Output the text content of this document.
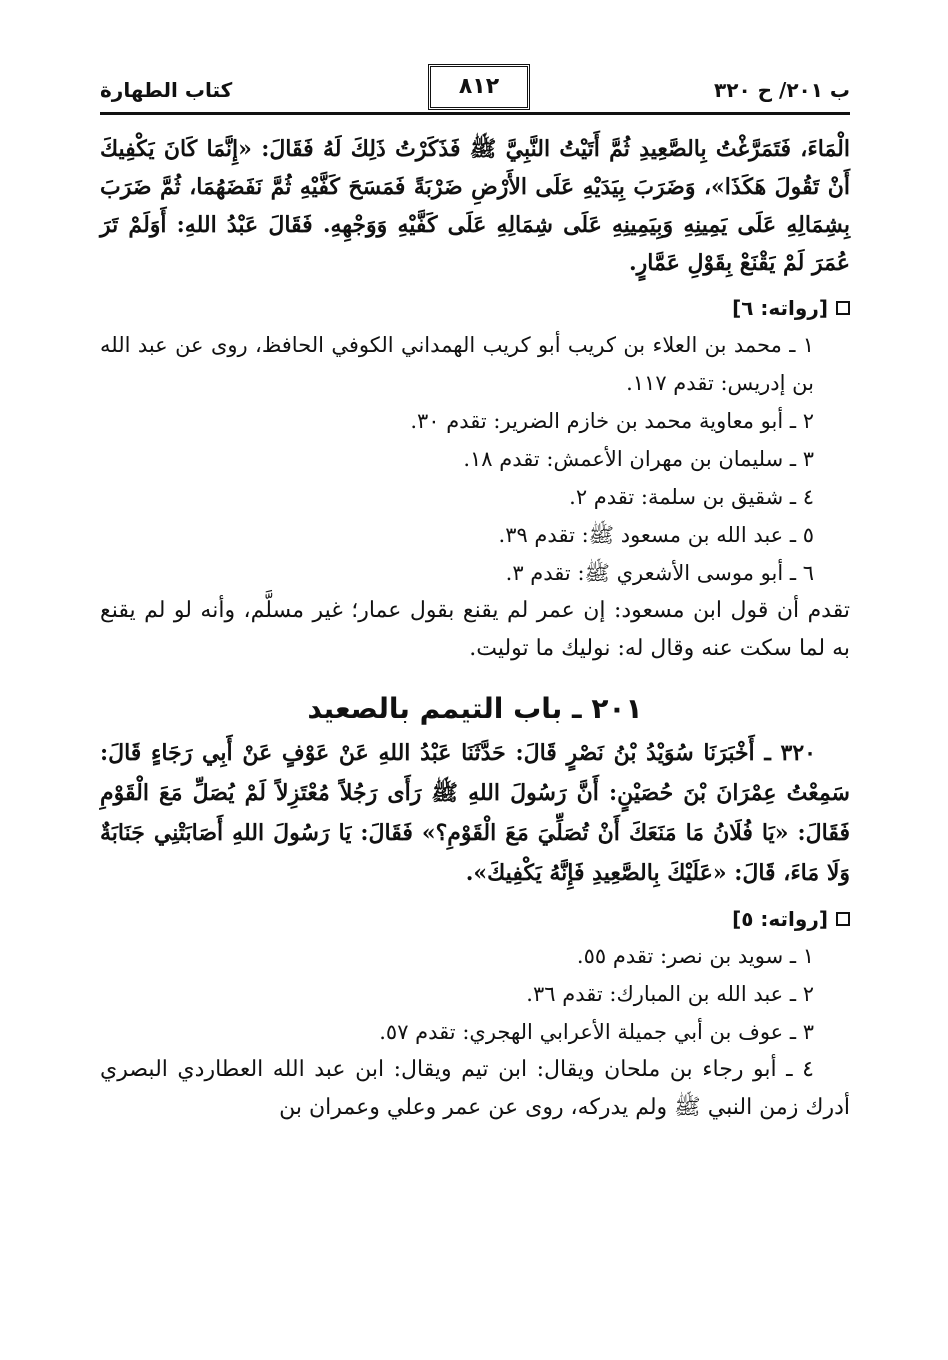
ب ٢٠١/ ح ٣٢٠
٨١٢
كتاب الطهارة

الْمَاءَ، فَتَمَرَّغْتُ بِالصَّعِيدِ ثُمَّ أَتَيْتُ النَّبِيَّ ﷺ فَذَكَرْتُ ذَلِكَ لَهُ فَقَالَ: «إِنَّمَا كَانَ يَكْفِيكَ أَنْ تَقُولَ هَكَذَا»، وَضَرَبَ بِيَدَيْهِ عَلَى الأَرْضِ ضَرْبَةً فَمَسَحَ كَفَّيْهِ ثُمَّ نَفَضَهُمَا، ثُمَّ ضَرَبَ بِشِمَالِهِ عَلَى يَمِينِهِ وَبِيَمِينِهِ عَلَى شِمَالِهِ عَلَى كَفَّيْهِ وَوَجْهِهِ. فَقَالَ عَبْدُ اللهِ: أَوَلَمْ تَرَ عُمَرَ لَمْ يَقْنَعْ بِقَوْلِ عَمَّارٍ.

[رواته: ٦]

١ ـ محمد بن العلاء بن كريب أبو كريب الهمداني الكوفي الحافظ، روى عن عبد الله بن إدريس: تقدم ١١٧.

٢ ـ أبو معاوية محمد بن خازم الضرير: تقدم ٣٠.

٣ ـ سليمان بن مهران الأعمش: تقدم ١٨.

٤ ـ شقيق بن سلمة: تقدم ٢.

٥ ـ عبد الله بن مسعود ﷺ: تقدم ٣٩.

٦ ـ أبو موسى الأشعري ﷺ: تقدم ٣.

تقدم أن قول ابن مسعود: إن عمر لم يقنع بقول عمار؛ غير مسلَّم، وأنه لو لم يقنع به لما سكت عنه وقال له: نوليك ما توليت.

٢٠١ ـ باب التيمم بالصعيد

٣٢٠ ـ أَخْبَرَنَا سُوَيْدُ بْنُ نَصْرٍ قَالَ: حَدَّثَنَا عَبْدُ اللهِ عَنْ عَوْفٍ عَنْ أَبِي رَجَاءٍ قَالَ: سَمِعْتُ عِمْرَانَ بْنَ حُصَيْنٍ: أَنَّ رَسُولَ اللهِ ﷺ رَأَى رَجُلاً مُعْتَزِلاً لَمْ يُصَلِّ مَعَ الْقَوْمِ فَقَالَ: «يَا فُلَانُ مَا مَنَعَكَ أَنْ تُصَلِّيَ مَعَ الْقَوْمِ؟» فَقَالَ: يَا رَسُولَ اللهِ أَصَابَتْنِي جَنَابَةٌ وَلَا مَاءَ، قَالَ: «عَلَيْكَ بِالصَّعِيدِ فَإِنَّهُ يَكْفِيكَ».

[رواته: ٥]

١ ـ سويد بن نصر: تقدم ٥٥.

٢ ـ عبد الله بن المبارك: تقدم ٣٦.

٣ ـ عوف بن أبي جميلة الأعرابي الهجري: تقدم ٥٧.

٤ ـ أبو رجاء بن ملحان ويقال: ابن تيم ويقال: ابن عبد الله العطاردي البصري أدرك زمن النبي ﷺ ولم يدركه، روى عن عمر وعلي وعمران بن
